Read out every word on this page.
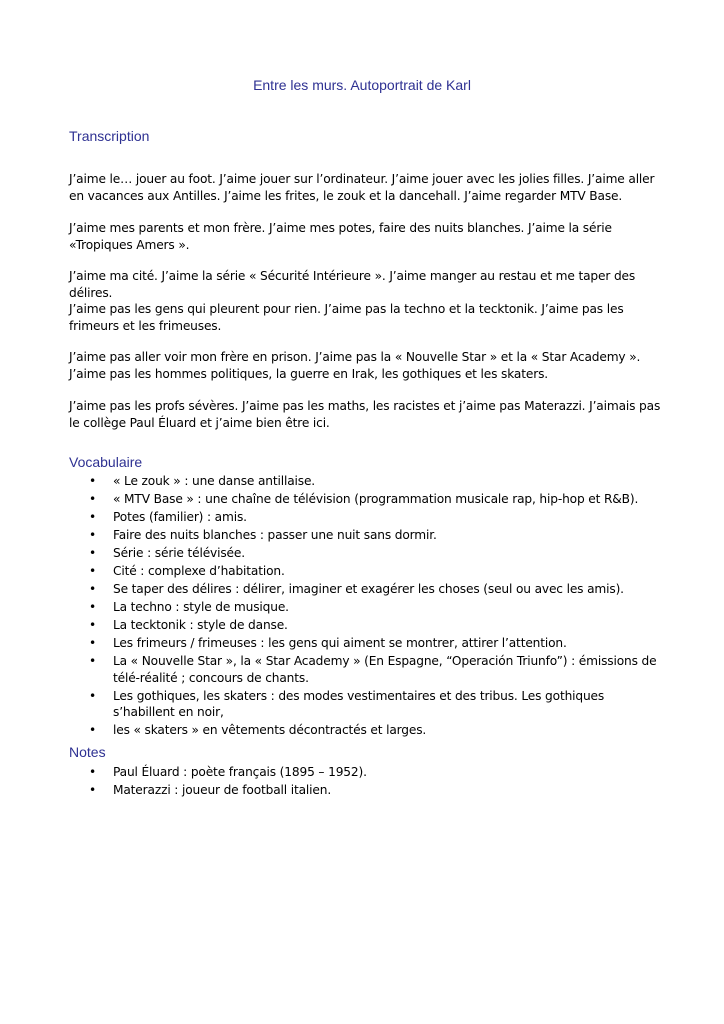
Entre les murs. Autoportrait de Karl
Transcription
J’aime le… jouer au foot. J’aime jouer sur l’ordinateur. J’aime jouer avec les jolies filles. J’aime aller en vacances aux Antilles. J’aime les frites, le zouk et la dancehall. J’aime regarder MTV Base.
J’aime mes parents et mon frère. J’aime mes potes, faire des nuits blanches. J’aime la série «Tropiques Amers ».
J’aime ma cité. J’aime la série « Sécurité Intérieure ». J’aime manger au restau et me taper des délires.
J’aime pas les gens qui pleurent pour rien. J’aime pas la techno et la tecktonik. J’aime pas les frimeurs et les frimeuses.
J’aime pas aller voir mon frère en prison. J’aime pas la « Nouvelle Star » et la « Star Academy ». J’aime pas les hommes politiques, la guerre en Irak, les gothiques et les skaters.
J’aime pas les profs sévères. J’aime pas les maths, les racistes et j’aime pas Materazzi. J’aimais pas le collège Paul Éluard et j’aime bien être ici.
Vocabulaire
• « Le zouk » : une danse antillaise.
• « MTV Base » : une chaîne de télévision (programmation musicale rap, hip-hop et R&B).
• Potes (familier) : amis.
• Faire des nuits blanches : passer une nuit sans dormir.
• Série : série télévisée.
• Cité : complexe d’habitation.
• Se taper des délires : délirer, imaginer et exagérer les choses (seul ou avec les amis).
• La techno : style de musique.
• La tecktonik : style de danse.
• Les frimeurs / frimeuses : les gens qui aiment se montrer, attirer l’attention.
• La « Nouvelle Star », la « Star Academy » (En Espagne, “Operación Triunfo”) : émissions de télé-réalité ; concours de chants.
• Les gothiques, les skaters : des modes vestimentaires et des tribus. Les gothiques s’habillent en noir,
• les « skaters » en vêtements décontractés et larges.
Notes
• Paul Éluard : poète français (1895 – 1952).
• Materazzi : joueur de football italien.
